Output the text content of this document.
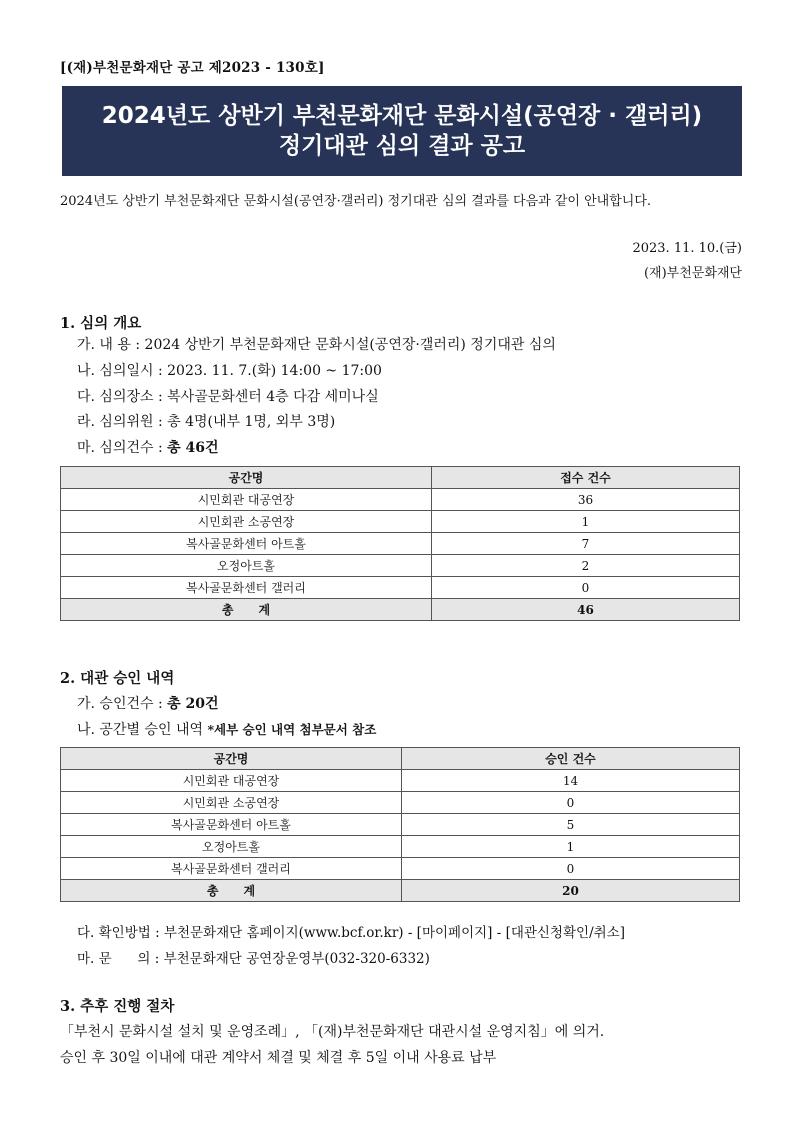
[(재)부천문화재단 공고 제2023 - 130호]
2024년도 상반기 부천문화재단 문화시설(공연장 · 갤러리)
정기대관 심의 결과 공고
2024년도 상반기 부천문화재단 문화시설(공연장·갤러리) 정기대관 심의 결과를 다음과 같이 안내합니다.
2023. 11. 10.(금)
(재)부천문화재단
1. 심의 개요
가. 내 용 : 2024 상반기 부천문화재단 문화시설(공연장·갤러리) 정기대관 심의
나. 심의일시 : 2023. 11. 7.(화) 14:00 ~ 17:00
다. 심의장소 : 복사골문화센터 4층 다감 세미나실
라. 심의위원 : 총 4명(내부 1명, 외부 3명)
마. 심의건수 : 총 46건
공간명	접수 건수
시민회관 대공연장	36
시민회관 소공연장	1
복사골문화센터 아트홀	7
오정아트홀	2
복사골문화센터 갤러리	0
총      계	46
2. 대관 승인 내역
가. 승인건수 : 총 20건
나. 공간별 승인 내역 *세부 승인 내역 첨부문서 참조
공간명	승인 건수
시민회관 대공연장	14
시민회관 소공연장	0
복사골문화센터 아트홀	5
오정아트홀	1
복사골문화센터 갤러리	0
총      계	20
다. 확인방법 : 부천문화재단 홈페이지(www.bcf.or.kr) - [마이페이지] - [대관신청확인/취소]
마. 문      의 : 부천문화재단 공연장운영부(032-320-6332)
3. 추후 진행 절차
「부천시 문화시설 설치 및 운영조례」, 「(재)부천문화재단 대관시설 운영지침」에 의거.
승인 후 30일 이내에 대관 계약서 체결 및 체결 후 5일 이내 사용료 납부
